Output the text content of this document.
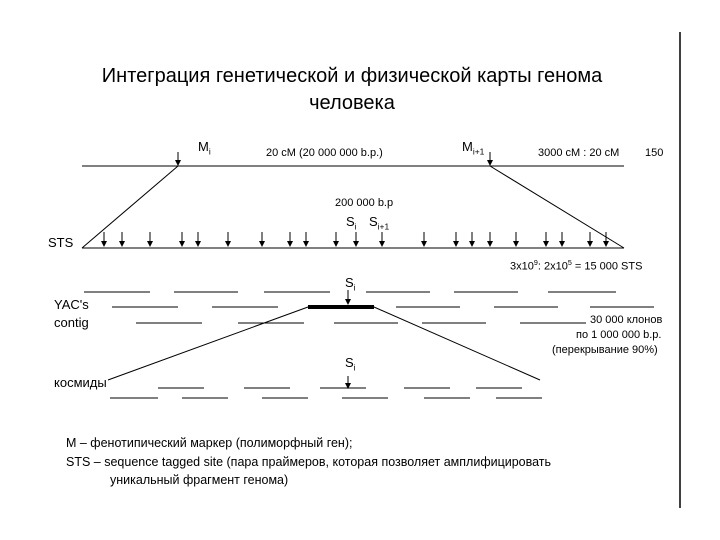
Интеграция генетической и физической карты генома
человека
$M_i$	$M_{i+1}$
20 сМ (20 000 000 b.p.)	3000 сМ : 20 сМ 150
200 000 b.p
$S_i$ $S_{i+1}$
STS
$3x10^9$: $2x10^5 = 15$ 000 STS
$S_i$
YAC's
contig	30 000 клонов
по 1 000 000 b.p.
(перекрывание 90%)
$S_i$
космиды
M – фенотипический маркер (полиморфный ген);
STS – sequence tagged site (пара праймеров, которая позволяет амплифицировать
уникальный фрагмент генома)
